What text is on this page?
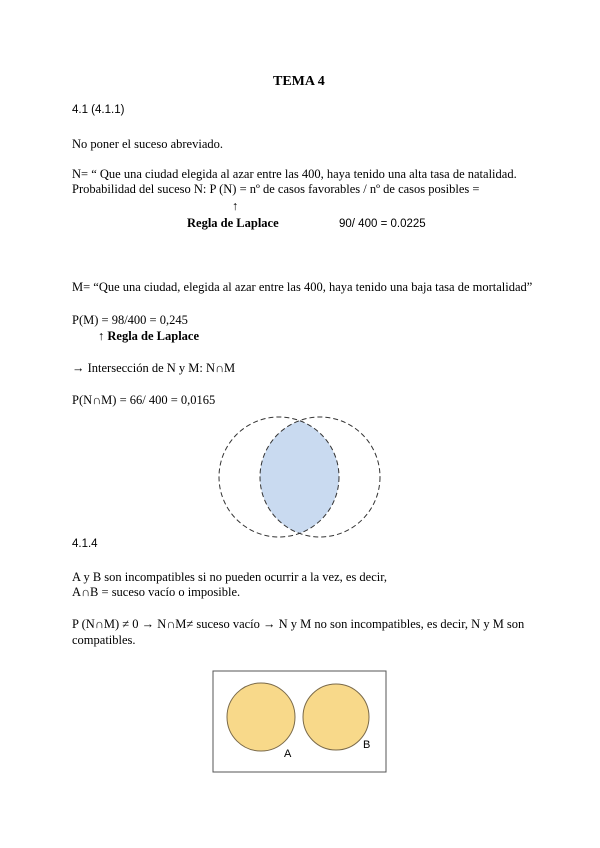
TEMA 4

4.1 (4.1.1)

No poner el suceso abreviado.

N= “ Que una ciudad elegida al azar entre las 400, haya tenido una alta tasa de natalidad.

Probabilidad del suceso N: P (N) = nº de casos favorables / nº de casos posibles =

↑

Regla de Laplace	90/ 400 = 0.0225

M= “Que una ciudad, elegida al azar entre las 400, haya tenido una baja tasa de mortalidad”

P(M) = 98/400 = 0,245

↑ Regla de Laplace

→ Intersección de N y M: N∩M

P(N∩M) = 66/ 400 = 0,0165

4.1.4

A y B son incompatibles si no pueden ocurrir a la vez, es decir,

A∩B = suceso vacío o imposible.

P (N∩M) ≠ 0 → N∩M≠ suceso vacío → N y M no son incompatibles, es decir, N y M son

compatibles.

A
B
